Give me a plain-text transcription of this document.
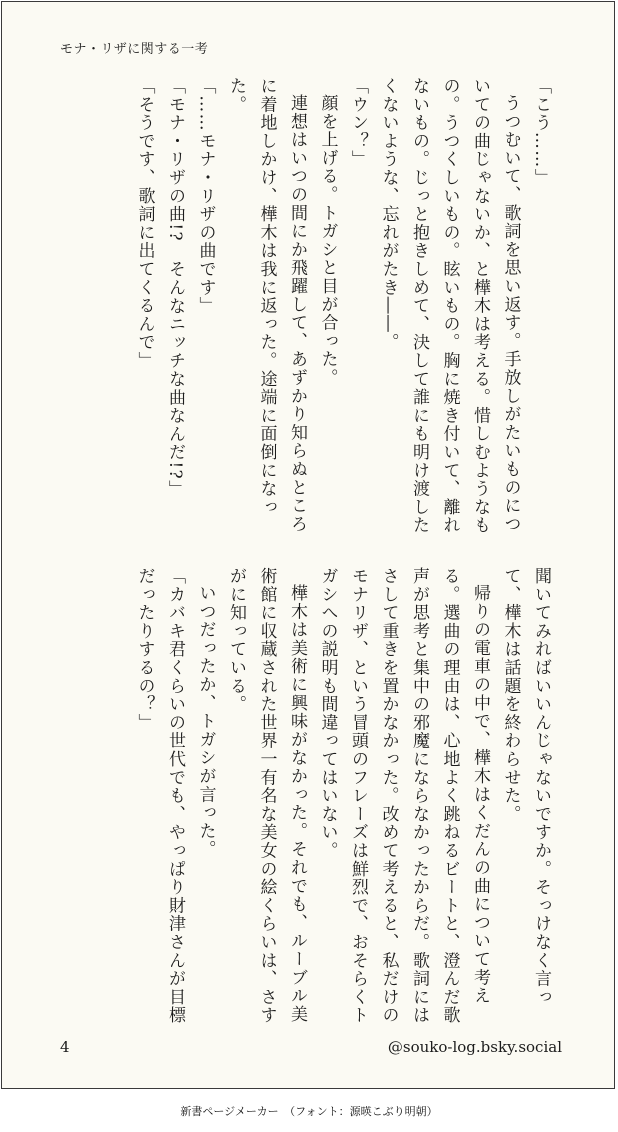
モナ・リザに関する一考

「こう……」

うつむいて、歌詞を思い返す。手放しがたいものについての曲じゃないか、と樺木は考える。惜しむようなもの。うつくしいもの。眩いもの。胸に焼き付いて、離れないもの。じっと抱きしめて、決して誰にも明け渡したくないような、忘れがたき――。

「ウン？」

顔を上げる。トガシと目が合った。

連想はいつの間にか飛躍して、あずかり知らぬところに着地しかけ、樺木は我に返った。途端に面倒になった。

「……モナ・リザの曲です」

「モナ・リザの曲!?　そんなニッチな曲なんだ!?」

「そうです、歌詞に出てくるんで」

聞いてみればいいんじゃないですか。そっけなく言って、樺木は話題を終わらせた。

帰りの電車の中で、樺木はくだんの曲について考える。選曲の理由は、心地よく跳ねるビートと、澄んだ歌声が思考と集中の邪魔にならなかったからだ。歌詞にはさして重きを置かなかった。改めて考えると、私だけのモナリザ、という冒頭のフレーズは鮮烈で、おそらくトガシへの説明も間違ってはいない。

樺木は美術に興味がなかった。それでも、ルーブル美術館に収蔵された世界一有名な美女の絵くらいは、さすがに知っている。

いつだったか、トガシが言った。

「カバキ君くらいの世代でも、やっぱり財津さんが目標だったりするの？」

4	@souko-log.bsky.social
新書ページメーカー　（フォント：源暎こぶり明朝）
